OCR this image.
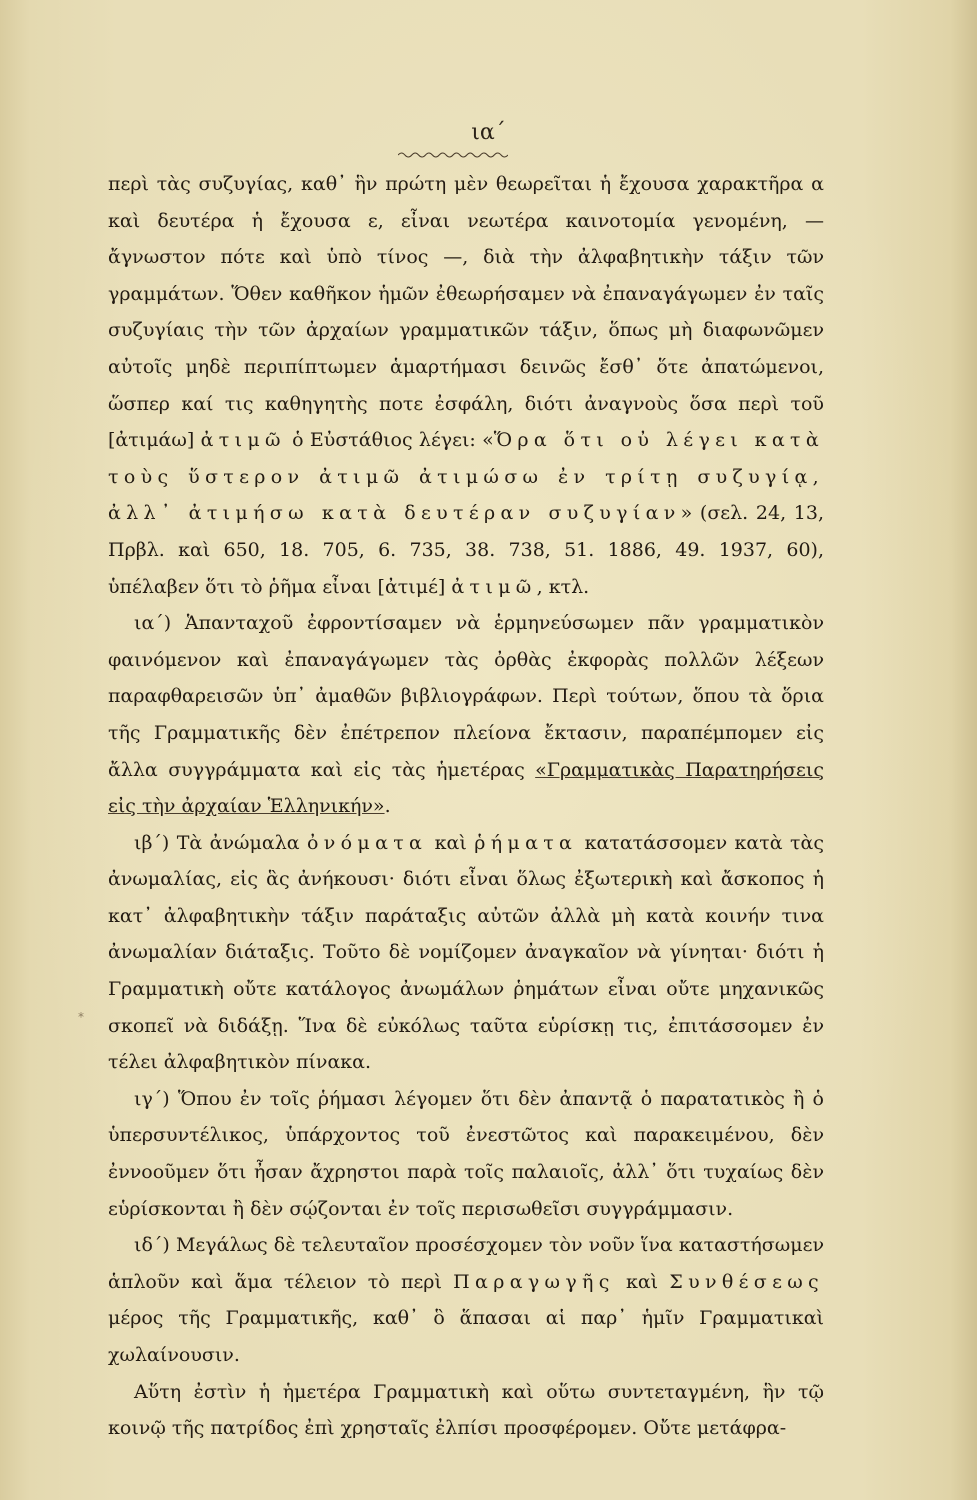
ια΄
*

περὶ τὰς συζυγίας, καθ᾽ ἣν πρώτη μὲν θεωρεῖται ἡ ἔχουσα χαρακτῆρα α καὶ δευτέρα ἡ ἔχουσα ε, εἶναι νεωτέρα καινοτομία γενομένη, — ἄγνωστον πότε καὶ ὑπὸ τίνος —, διὰ τὴν ἀλφαβητικὴν τάξιν τῶν γραμμάτων. Ὅθεν καθῆκον ἡμῶν ἐθεωρήσαμεν νὰ ἐπαναγάγωμεν ἐν ταῖς συζυγίαις τὴν τῶν ἀρχαίων γραμματικῶν τάξιν, ὅπως μὴ διαφωνῶμεν αὐτοῖς μηδὲ περιπίπτωμεν ἁμαρτήμασι δεινῶς ἔσθ᾽ ὅτε ἀπατώμενοι, ὥσπερ καί τις καθηγητὴς ποτε ἐσφάλη, διότι ἀναγνοὺς ὅσα περὶ τοῦ [ἀτιμάω] ἀτιμῶ ὁ Εὐστάθιος λέγει: «Ὅρα ὅτι οὐ λέγει κατὰ τοὺς ὕστερον ἀτιμῶ ἀτιμώσω ἐν τρίτῃ συζυγίᾳ, ἀλλ᾽ ἀτιμήσω κατὰ δευτέραν συζυγίαν» (σελ. 24, 13, Πρβλ. καὶ 650, 18. 705, 6. 735, 38. 738, 51. 1886, 49. 1937, 60), ὑπέλαβεν ὅτι τὸ ῥῆμα εἶναι [ἀτιμέ] ἀτιμῶ, κτλ.

ια΄) Ἁπανταχοῦ ἐφροντίσαμεν νὰ ἑρμηνεύσωμεν πᾶν γραμματικὸν φαινόμενον καὶ ἐπαναγάγωμεν τὰς ὀρθὰς ἐκφορὰς πολλῶν λέξεων παραφθαρεισῶν ὑπ᾽ ἀμαθῶν βιβλιογράφων. Περὶ τούτων, ὅπου τὰ ὅρια τῆς Γραμματικῆς δὲν ἐπέτρεπον πλείονα ἔκτασιν, παραπέμπομεν εἰς ἄλλα συγγράμματα καὶ εἰς τὰς ἡμετέρας «Γραμματικὰς Παρατηρήσεις εἰς τὴν ἀρχαίαν Ἑλληνικήν».

ιβ΄) Τὰ ἀνώμαλα ὀνόματα καὶ ῥήματα κατατάσσομεν κατὰ τὰς ἀνωμαλίας, εἰς ἃς ἀνήκουσι· διότι εἶναι ὅλως ἐξωτερικὴ καὶ ἄσκοπος ἡ κατ᾽ ἀλφαβητικὴν τάξιν παράταξις αὐτῶν ἀλλὰ μὴ κατὰ κοινήν τινα ἀνωμαλίαν διάταξις. Τοῦτο δὲ νομίζομεν ἀναγκαῖον νὰ γίνηται· διότι ἡ Γραμματικὴ οὔτε κατάλογος ἀνωμάλων ῥημάτων εἶναι οὔτε μηχανικῶς σκοπεῖ νὰ διδάξῃ. Ἵνα δὲ εὐκόλως ταῦτα εὑρίσκῃ τις, ἐπιτάσσομεν ἐν τέλει ἀλφαβητικὸν πίνακα.

ιγ΄) Ὅπου ἐν τοῖς ῥήμασι λέγομεν ὅτι δὲν ἀπαντᾷ ὁ παρατατικὸς ἢ ὁ ὑπερσυντέλικος, ὑπάρχοντος τοῦ ἐνεστῶτος καὶ παρακειμένου, δὲν ἐννοοῦμεν ὅτι ἦσαν ἄχρηστοι παρὰ τοῖς παλαιοῖς, ἀλλ᾽ ὅτι τυχαίως δὲν εὑρίσκονται ἢ δὲν σῴζονται ἐν τοῖς περισωθεῖσι συγγράμμασιν.

ιδ΄) Μεγάλως δὲ τελευταῖον προσέσχομεν τὸν νοῦν ἵνα καταστήσωμεν ἁπλοῦν καὶ ἅμα τέλειον τὸ περὶ Παραγωγῆς καὶ Συνθέσεως μέρος τῆς Γραμματικῆς, καθ᾽ ὃ ἅπασαι αἱ παρ᾽ ἡμῖν Γραμματικαὶ χωλαίνουσιν.

Αὕτη ἐστὶν ἡ ἡμετέρα Γραμματικὴ καὶ οὕτω συντεταγμένη, ἣν τῷ κοινῷ τῆς πατρίδος ἐπὶ χρησταῖς ἐλπίσι προσφέρομεν. Οὔτε μετάφρα-
